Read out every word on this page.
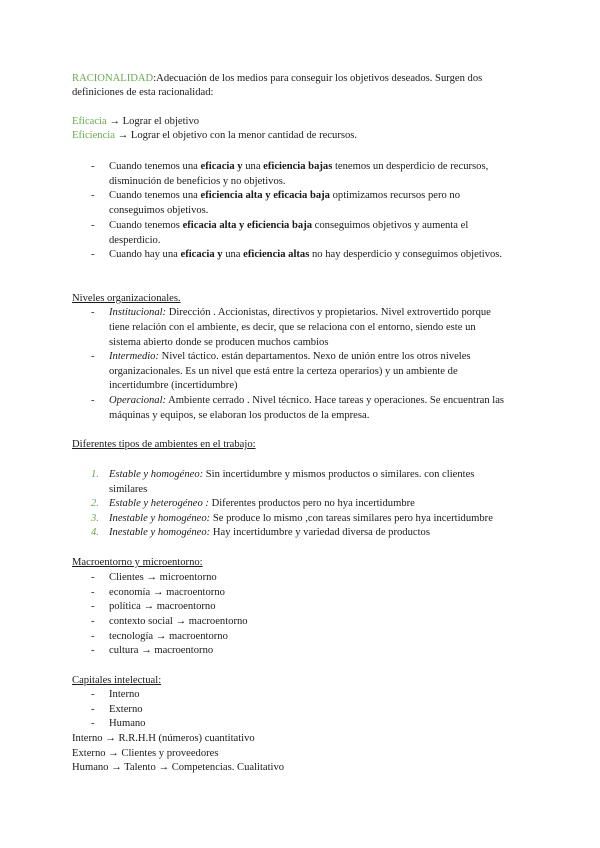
RACIONALIDAD:Adecuación de los medios para conseguir los objetivos deseados. Surgen dos
definiciones de esta racionalidad:
Eficacia → Lograr el objetivo
Eficiencia → Lograr el objetivo con la menor cantidad de recursos.
- Cuando tenemos una eficacia y una eficiencia bajas tenemos un desperdicio de recursos,
disminución de beneficios y no objetivos.
- Cuando tenemos una eficiencia alta y eficacia baja optimizamos recursos pero no
conseguimos objetivos.
- Cuando tenemos eficacia alta y eficiencia baja conseguimos objetivos y aumenta el
desperdicio.
- Cuando hay una eficacia y una eficiencia altas no hay desperdicio y conseguimos objetivos.
Niveles organizacionales.
- Institucional: Dirección . Accionistas, directivos y propietarios. Nivel extrovertido porque
tiene relación con el ambiente, es decir, que se relaciona con el entorno, siendo este un
sistema abierto donde se producen muchos cambios
- Intermedio: Nivel táctico. están departamentos. Nexo de unión entre los otros niveles
organizacionales. Es un nivel que está entre la certeza operarios) y un ambiente de
incertidumbre (incertidumbre)
- Operacional: Ambiente cerrado . Nivel técnico. Hace tareas y operaciones. Se encuentran las
máquinas y equipos, se elaboran los productos de la empresa.
Diferentes tipos de ambientes en el trabajo:
1. Estable y homogéneo: Sin incertidumbre y mismos productos o similares. con clientes
similares
2. Estable y heterogéneo : Diferentes productos pero no hya incertidumbre
3. Inestable y homogéneo: Se produce lo mismo ,con tareas similares pero hya incertidumbre
4. Inestable y homogéneo: Hay incertidumbre y variedad diversa de productos
Macroentorno y microentorno:
- Clientes → microentorno
- economía → macroentorno
- política → macroentorno
- contexto social → macroentorno
- tecnología → macroentorno
- cultura → macroentorno
Capitales intelectual:
- Interno
- Externo
- Humano
Interno → R.R.H.H (números) cuantitativo
Externo → Clientes y proveedores
Humano → Talento → Competencias. Cualitativo
